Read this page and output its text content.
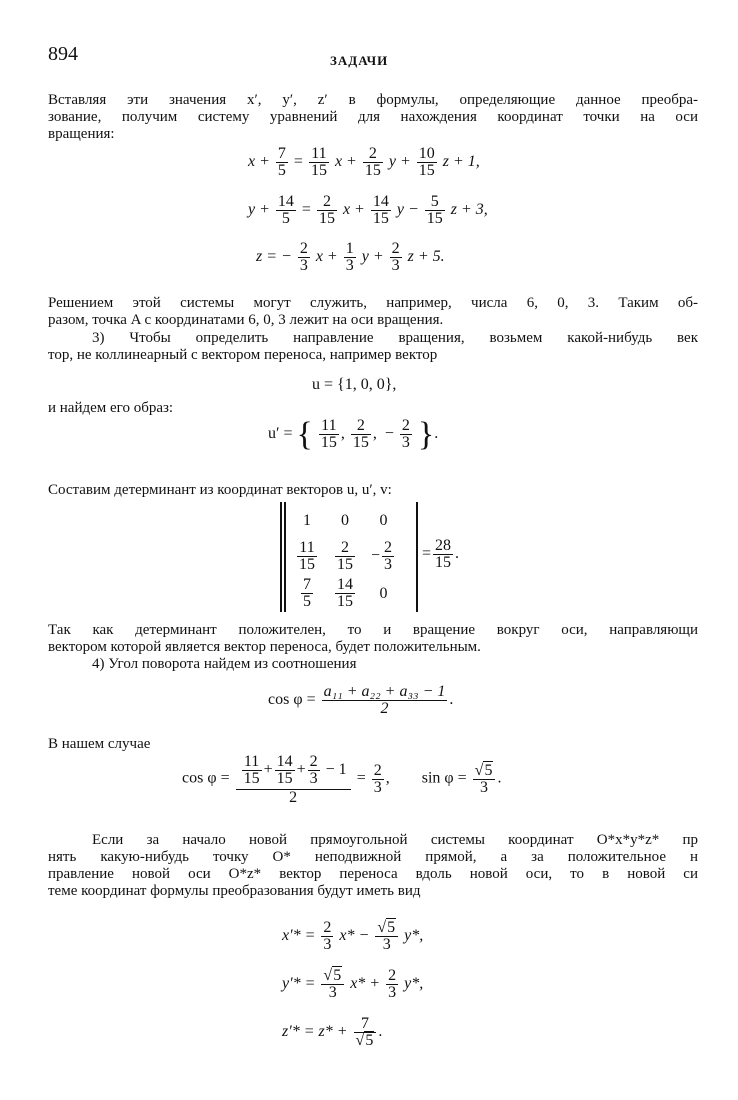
894	ЗАДАЧИ
Вставляя эти значения x′, y′, z′ в формулы, определяющие данное преобра-
зование, получим систему уравнений для нахождения координат точки на оси
вращения:
$x + \frac{7}{5} = \frac{11}{15}$ $x + \frac{2}{15}$ $y + \frac{10}{15}$ z + 1,
$y + \frac{14}{5} = \frac{2}{15}$ $x + \frac{14}{15}$ $y - \frac{5}{15}$ z + 3,
z = − $\frac{2}{3}$ $x + \frac{1}{3}$ $y + \frac{2}{3}$ z + 5.
Решением этой системы могут служить, например, числа 6, 0, 3. Таким об-
разом, точка A с координатами 6, 0, 3 лежит на оси вращения.
3) Чтобы определить направление вращения, возьмем какой-нибудь век
тор, не коллинеарный с вектором переноса, например вектор
u = {1, 0, 0},
и найдем его образ:
u′ = { $\frac{11}{15}$ , $\frac{2}{15}$ , − $\frac{2}{3}$ }.
Составим детерминант из координат векторов u, u′, v:
1	0	0

$\frac{11}{15}$	$\frac{2}{15}$	− $\frac{2}{3}$

$\frac{7}{5}$	$\frac{14}{15}$	0
= $\frac{28}{15}$ .
Так как детерминант положителен, то и вращение вокруг оси, направляющи
вектором которой является вектор переноса, будет положительным.
4) Угол поворота найдем из соотношения
$\cos \varphi = \frac{\text{a₁₁ + a₂₂ + a₃₃ − 1}}{2}$ .
В нашем случае
$\cos \varphi = \frac{\frac{11}{15} + \frac{14}{15} + \frac{2}{3} - 1}{2} = \frac{2}{3}$ , $\sin \varphi = \frac{√5}{3}$ .
Если за начало новой прямоугольной системы координат O*x*y*z* пр
нять какую-нибудь точку O* неподвижной прямой, а за положительное н
правление новой оси O*z* вектор переноса вдоль новой оси, то в новой си
теме координат формулы преобразования будут иметь вид
$x'* = \frac{2}{3} x* - \frac{√5}{3} y*$,
$y'* = \frac{√5}{3} x* + \frac{2}{3} y*$,
$z'* = z* + \frac{7}{√5}$ .
